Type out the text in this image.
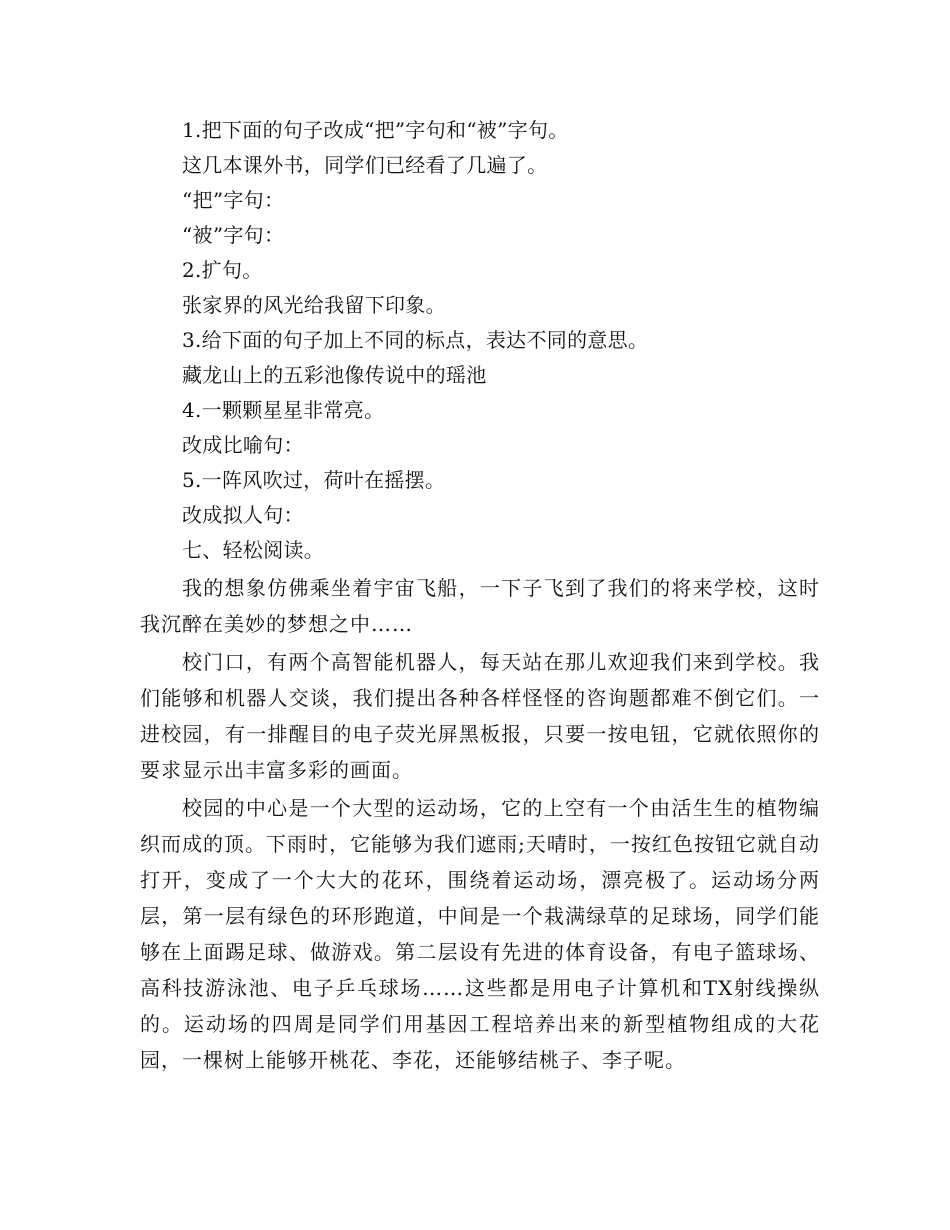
1.把下面的句子改成“把”字句和“被”字句。
这几本课外书，同学们已经看了几遍了。
“把”字句：
“被”字句：
2.扩句。
张家界的风光给我留下印象。
3.给下面的句子加上不同的标点，表达不同的意思。
藏龙山上的五彩池像传说中的瑶池
4.一颗颗星星非常亮。
改成比喻句：
5.一阵风吹过，荷叶在摇摆。
改成拟人句：
七、轻松阅读。

我的想象仿佛乘坐着宇宙飞船，一下子飞到了我们的将来学校，这时我沉醉在美妙的梦想之中……

校门口，有两个高智能机器人，每天站在那儿欢迎我们来到学校。我们能够和机器人交谈，我们提出各种各样怪怪的咨询题都难不倒它们。一进校园，有一排醒目的电子荧光屏黑板报，只要一按电钮，它就依照你的要求显示出丰富多彩的画面。

校园的中心是一个大型的运动场，它的上空有一个由活生生的植物编织而成的顶。下雨时，它能够为我们遮雨;天晴时，一按红色按钮它就自动打开，变成了一个大大的花环，围绕着运动场，漂亮极了。运动场分两层，第一层有绿色的环形跑道，中间是一个栽满绿草的足球场，同学们能够在上面踢足球、做游戏。第二层设有先进的体育设备，有电子篮球场、高科技游泳池、电子乒乓球场……这些都是用电子计算机和TX射线操纵的。运动场的四周是同学们用基因工程培养出来的新型植物组成的大花园，一棵树上能够开桃花、李花，还能够结桃子、李子呢。
